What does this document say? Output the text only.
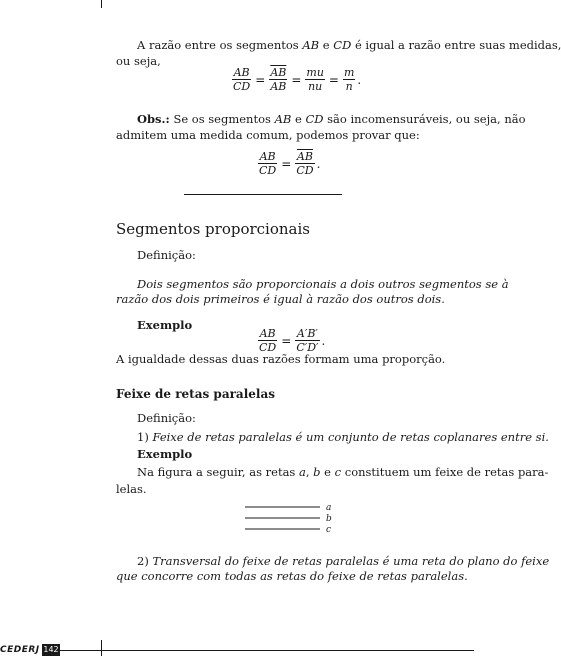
A razão entre os segmentos AB e CD é igual a razão entre suas medidas,
ou seja,
$\frac{AB}{CD} = \frac{\overline{AB}}{AB} = \frac{mu}{nu} = \frac{m}{n}$ .
Obs.: Se os segmentos AB e CD são incomensuráveis, ou seja, não
admitem uma medida comum, podemos provar que:
$\frac{AB}{CD} = \frac{\overline{AB}}{CD}$ .
Segmentos proporcionais
Definição:
Dois segmentos são proporcionais a dois outros segmentos se à
razão dos dois primeiros é igual à razão dos outros dois.
Exemplo
$\frac{AB}{CD} = \frac{A'B'}{C'D'}$ .
A igualdade dessas duas razões formam uma proporção.
Feixe de retas paralelas
Definição:
1) Feixe de retas paralelas é um conjunto de retas coplanares entre si.
Exemplo
Na figura a seguir, as retas a, b e c constituem um feixe de retas para-
lelas.
a
b
c
2) Transversal do feixe de retas paralelas é uma reta do plano do feixe
que concorre com todas as retas do feixe de retas paralelas.
CEDERJ 142
